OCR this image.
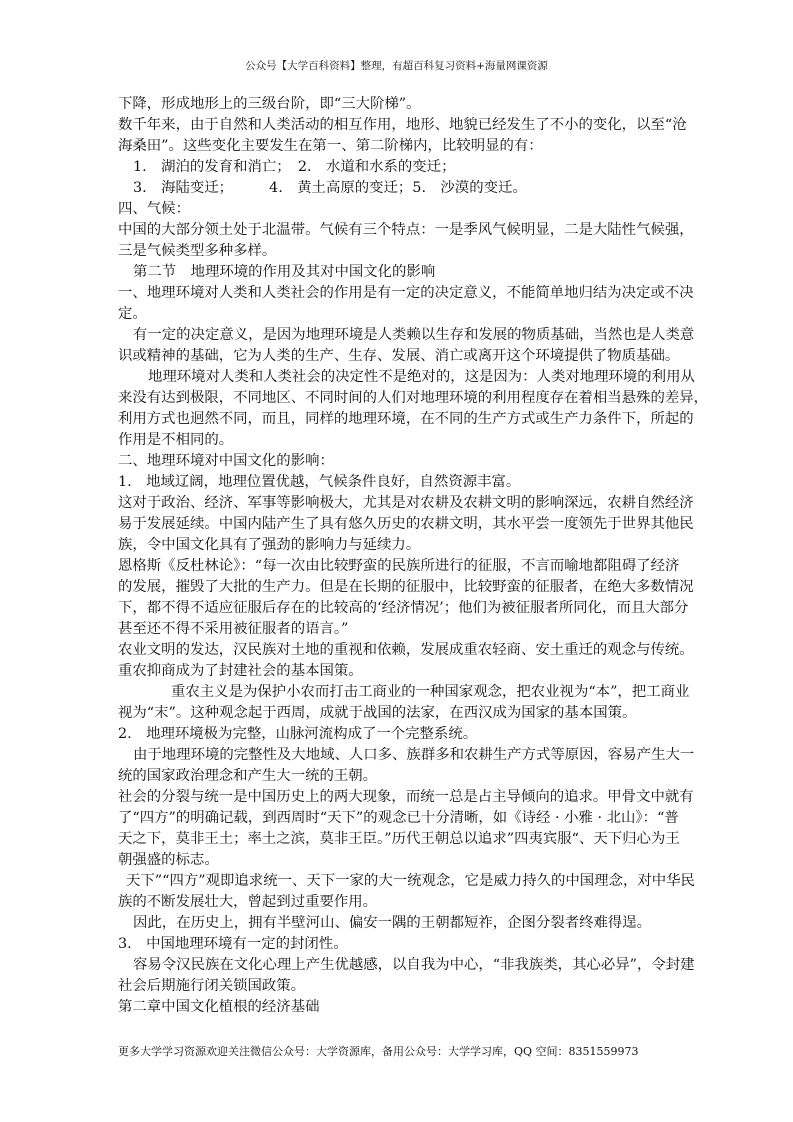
公众号【大学百科资料】整理，有超百科复习资料+海量网课资源
下降，形成地形上的三级台阶，即“三大阶梯”。
数千年来，由于自然和人类活动的相互作用，地形、地貌已经发生了不小的变化，以至“沧
海桑田”。这些变化主要发生在第一、第二阶梯内，比较明显的有：
1.　湖泊的发育和消亡；　2.　水道和水系的变迁；
3.　海陆变迁；　　　4.　黄土高原的变迁；5.　沙漠的变迁。
四、气候：
中国的大部分领土处于北温带。气候有三个特点：一是季风气候明显，二是大陆性气候强，
三是气候类型多种多样。
第二节　地理环境的作用及其对中国文化的影响
一、地理环境对人类和人类社会的作用是有一定的决定意义，不能简单地归结为决定或不决
定。
有一定的决定意义，是因为地理环境是人类赖以生存和发展的物质基础，当然也是人类意
识或精神的基础，它为人类的生产、生存、发展、消亡或离开这个环境提供了物质基础。
地理环境对人类和人类社会的决定性不是绝对的，这是因为：人类对地理环境的利用从
来没有达到极限，不同地区、不同时间的人们对地理环境的利用程度存在着相当悬殊的差异，
利用方式也迥然不同，而且，同样的地理环境，在不同的生产方式或生产力条件下，所起的
作用是不相同的。
二、地理环境对中国文化的影响：
1.　地域辽阔，地理位置优越，气候条件良好，自然资源丰富。
这对于政治、经济、军事等影响极大，尤其是对农耕及农耕文明的影响深远，农耕自然经济
易于发展延续。中国内陆产生了具有悠久历史的农耕文明，其水平尝一度领先于世界其他民
族，令中国文化具有了强劲的影响力与延续力。
恩格斯《反杜林论》：“每一次由比较野蛮的民族所进行的征服，不言而喻地都阻碍了经济
的发展，摧毁了大批的生产力。但是在长期的征服中，比较野蛮的征服者，在绝大多数情况
下，都不得不适应征服后存在的比较高的‘经济情况’；他们为被征服者所同化，而且大部分
甚至还不得不采用被征服者的语言。”
农业文明的发达，汉民族对土地的重视和依赖，发展成重农轻商、安土重迁的观念与传统。
重农抑商成为了封建社会的基本国策。
重农主义是为保护小农而打击工商业的一种国家观念，把农业视为“本”，把工商业
视为“末”。这种观念起于西周，成就于战国的法家，在西汉成为国家的基本国策。
2.　地理环境极为完整，山脉河流构成了一个完整系统。
由于地理环境的完整性及大地域、人口多、族群多和农耕生产方式等原因，容易产生大一
统的国家政治理念和产生大一统的王朝。
社会的分裂与统一是中国历史上的两大现象，而统一总是占主导倾向的追求。甲骨文中就有
了“四方”的明确记载，到西周时“天下”的观念已十分清晰，如《诗经 · 小雅 · 北山》：“普
天之下，莫非王土；率土之滨，莫非王臣。”历代王朝总以追求”四夷宾服“、天下归心为王
朝强盛的标志。
天下”“四方”观即追求统一、天下一家的大一统观念，它是威力持久的中国理念，对中华民
族的不断发展壮大，曾起到过重要作用。
因此，在历史上，拥有半壁河山、偏安一隅的王朝都短祚，企图分裂者终难得逞。
3.　中国地理环境有一定的封闭性。
容易令汉民族在文化心理上产生优越感，以自我为中心，“非我族类，其心必异”，令封建
社会后期施行闭关锁国政策。
第二章中国文化植根的经济基础
更多大学学习资源欢迎关注微信公众号：大学资源库，备用公众号：大学学习库，QQ 空间：8351559973
